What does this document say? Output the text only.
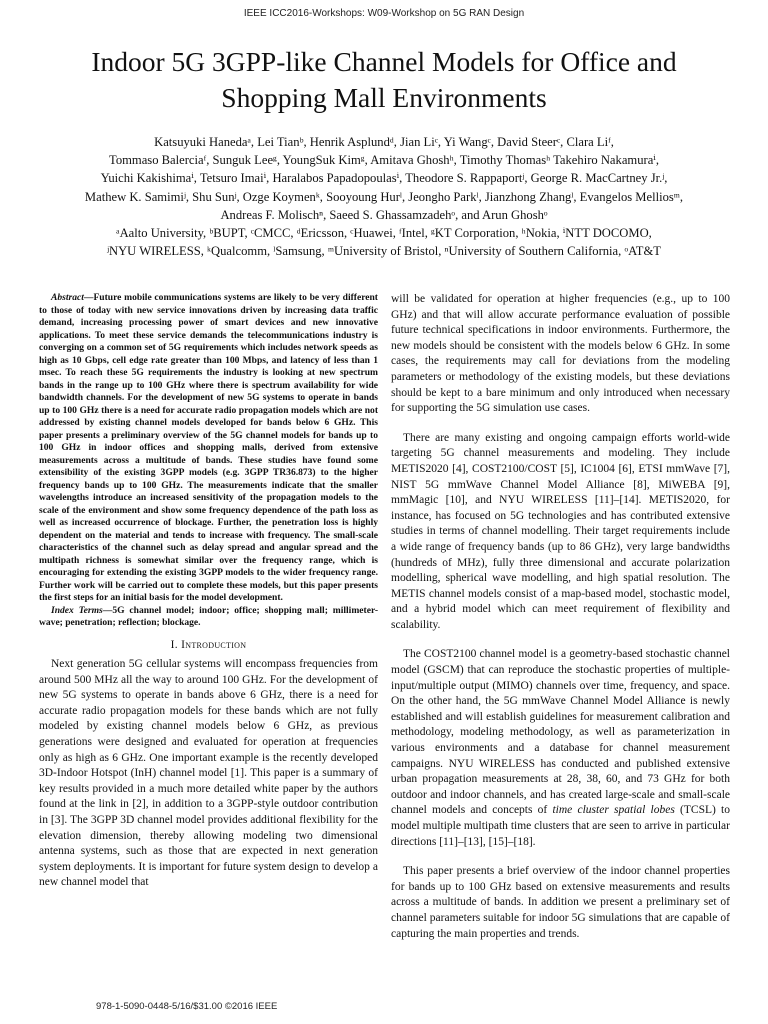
IEEE ICC2016-Workshops: W09-Workshop on 5G RAN Design
Indoor 5G 3GPP-like Channel Models for Office and
Shopping Mall Environments
Katsuyuki Hanedaᵃ, Lei Tianᵇ, Henrik Asplundᵈ, Jian Liᶜ, Yi Wangᶜ, David Steerᶜ, Clara Liᶠ,
Tommaso Balerciaᶠ, Sunguk Leeᵍ, YoungSuk Kimᵍ, Amitava Ghoshʰ, Timothy Thomasʰ Takehiro Nakamuraⁱ,
Yuichi Kakishimaⁱ, Tetsuro Imaiⁱ, Haralabos Papadopoulasⁱ, Theodore S. Rappaportʲ, George R. MacCartney Jr.ʲ,
Mathew K. Samimiʲ, Shu Sunʲ, Ozge Koymenᵏ, Sooyoung Hurˡ, Jeongho Parkˡ, Jianzhong Zhangˡ, Evangelos Melliosᵐ,
Andreas F. Molischⁿ, Saeed S. Ghassamzadehᵒ, and Arun Ghoshᵒ
ᵃAalto University, ᵇBUPT, ᶜCMCC, ᵈEricsson, ᶜHuawei, ᶠIntel, ᵍKT Corporation, ʰNokia, ⁱNTT DOCOMO,
ʲNYU WIRELESS, ᵏQualcomm, ˡSamsung, ᵐUniversity of Bristol, ⁿUniversity of Southern California, ᵒAT&T

Abstract—Future mobile communications systems are likely to be very different to those of today with new service innovations driven by increasing data traffic demand, increasing processing power of smart devices and new innovative applications. To meet these service demands the telecommunications industry is converging on a common set of 5G requirements which includes network speeds as high as 10 Gbps, cell edge rate greater than 100 Mbps, and latency of less than 1 msec. To reach these 5G requirements the industry is looking at new spectrum bands in the range up to 100 GHz where there is spectrum availability for wide bandwidth channels. For the development of new 5G systems to operate in bands up to 100 GHz there is a need for accurate radio propagation models which are not addressed by existing channel models developed for bands below 6 GHz. This paper presents a preliminary overview of the 5G channel models for bands up to 100 GHz in indoor offices and shopping malls, derived from extensive measurements across a multitude of bands. These studies have found some extensibility of the existing 3GPP models (e.g. 3GPP TR36.873) to the higher frequency bands up to 100 GHz. The measurements indicate that the smaller wavelengths introduce an increased sensitivity of the propagation models to the scale of the environment and show some frequency dependence of the path loss as well as increased occurrence of blockage. Further, the penetration loss is highly dependent on the material and tends to increase with frequency. The small-scale characteristics of the channel such as delay spread and angular spread and the multipath richness is somewhat similar over the frequency range, which is encouraging for extending the existing 3GPP models to the wider frequency range. Further work will be carried out to complete these models, but this paper presents the first steps for an initial basis for the model development.

Index Terms—5G channel model; indoor; office; shopping mall; millimeter-wave; penetration; reflection; blockage.

I. Introduction

Next generation 5G cellular systems will encompass frequencies from around 500 MHz all the way to around 100 GHz. For the development of new 5G systems to operate in bands above 6 GHz, there is a need for accurate radio propagation models for these bands which are not fully modeled by existing channel models below 6 GHz, as previous generations were designed and evaluated for operation at frequencies only as high as 6 GHz. One important example is the recently developed 3D-Indoor Hotspot (InH) channel model [1]. This paper is a summary of key results provided in a much more detailed white paper by the authors found at the link in [2], in addition to a 3GPP-style outdoor contribution in [3]. The 3GPP 3D channel model provides additional flexibility for the elevation dimension, thereby allowing modeling two dimensional antenna systems, such as those that are expected in next generation system deployments. It is important for future system design to develop a new channel model that

will be validated for operation at higher frequencies (e.g., up to 100 GHz) and that will allow accurate performance evaluation of possible future technical specifications in indoor environments. Furthermore, the new models should be consistent with the models below 6 GHz. In some cases, the requirements may call for deviations from the modeling parameters or methodology of the existing models, but these deviations should be kept to a bare minimum and only introduced when necessary for supporting the 5G simulation use cases.

There are many existing and ongoing campaign efforts world-wide targeting 5G channel measurements and modeling. They include METIS2020 [4], COST2100/COST [5], IC1004 [6], ETSI mmWave [7], NIST 5G mmWave Channel Model Alliance [8], MiWEBA [9], mmMagic [10], and NYU WIRELESS [11]–[14]. METIS2020, for instance, has focused on 5G technologies and has contributed extensive studies in terms of channel modelling. Their target requirements include a wide range of frequency bands (up to 86 GHz), very large bandwidths (hundreds of MHz), fully three dimensional and accurate polarization modelling, spherical wave modelling, and high spatial resolution. The METIS channel models consist of a map-based model, stochastic model, and a hybrid model which can meet requirement of flexibility and scalability.

The COST2100 channel model is a geometry-based stochastic channel model (GSCM) that can reproduce the stochastic properties of multiple-input/multiple output (MIMO) channels over time, frequency, and space. On the other hand, the 5G mmWave Channel Model Alliance is newly established and will establish guidelines for measurement calibration and methodology, modeling methodology, as well as parameterization in various environments and a database for channel measurement campaigns. NYU WIRELESS has conducted and published extensive urban propagation measurements at 28, 38, 60, and 73 GHz for both outdoor and indoor channels, and has created large-scale and small-scale channel models and concepts of time cluster spatial lobes (TCSL) to model multiple multipath time clusters that are seen to arrive in particular directions [11]–[13], [15]–[18].

This paper presents a brief overview of the indoor channel properties for bands up to 100 GHz based on extensive measurements and results across a multitude of bands. In addition we present a preliminary set of channel parameters suitable for indoor 5G simulations that are capable of capturing the main properties and trends.

978-1-5090-0448-5/16/$31.00 ©2016 IEEE
